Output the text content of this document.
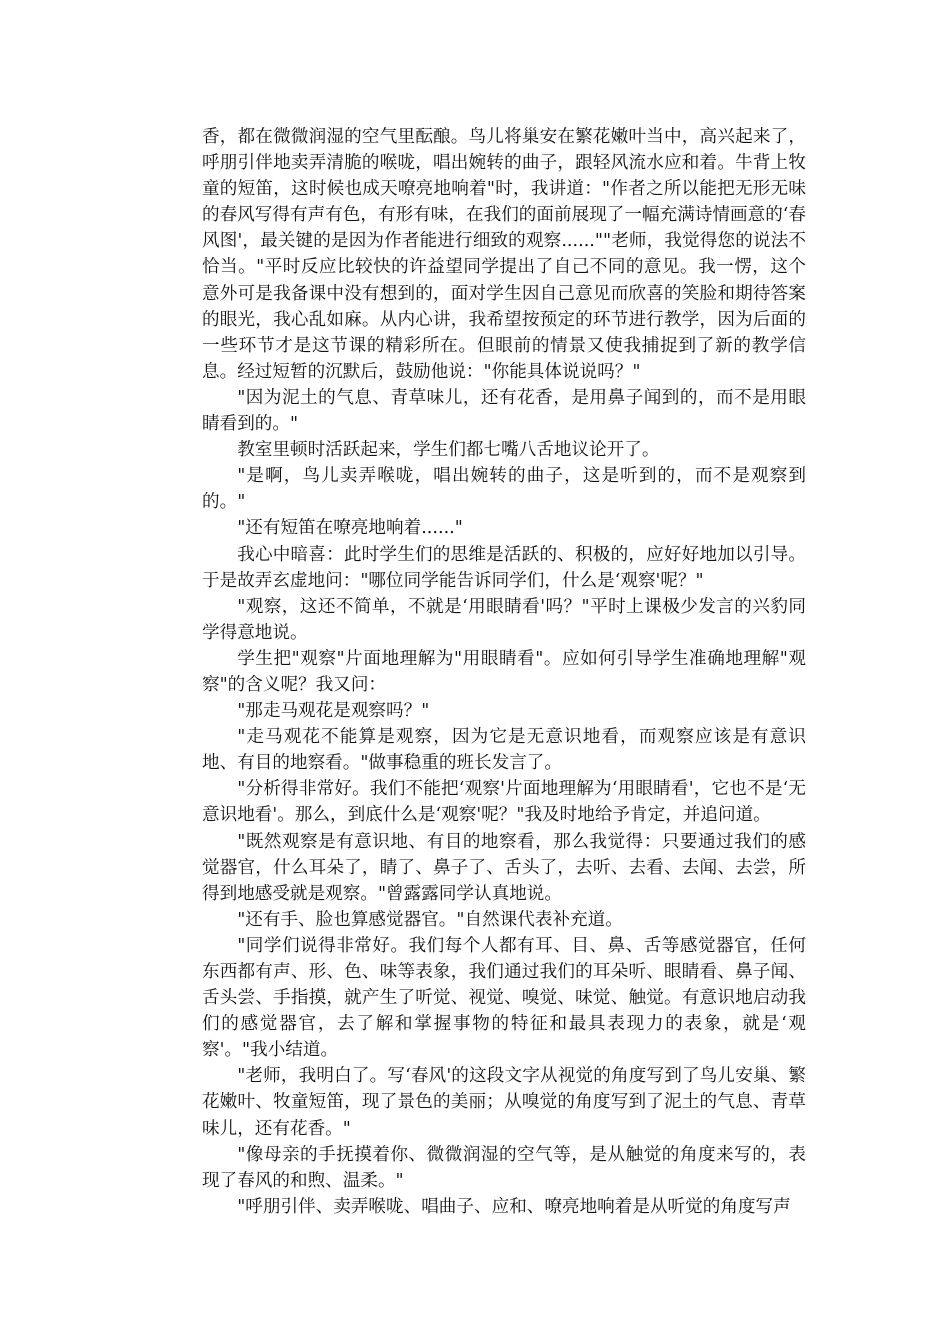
香，都在微微润湿的空气里酝酿。鸟儿将巢安在繁花嫩叶当中，高兴起来了，呼朋引伴地卖弄清脆的喉咙，唱出婉转的曲子，跟轻风流水应和着。牛背上牧童的短笛，这时候也成天嘹亮地响着"时，我讲道："作者之所以能把无形无味的春风写得有声有色，有形有味，在我们的面前展现了一幅充满诗情画意的‘春风图'，最关键的是因为作者能进行细致的观察......""老师，我觉得您的说法不恰当。"平时反应比较快的许益望同学提出了自己不同的意见。我一愣，这个意外可是我备课中没有想到的，面对学生因自己意见而欣喜的笑脸和期待答案的眼光，我心乱如麻。从内心讲，我希望按预定的环节进行教学，因为后面的一些环节才是这节课的精彩所在。但眼前的情景又使我捕捉到了新的教学信息。经过短暂的沉默后，鼓励他说："你能具体说说吗？"

"因为泥土的气息、青草味儿，还有花香，是用鼻子闻到的，而不是用眼睛看到的。"

教室里顿时活跃起来，学生们都七嘴八舌地议论开了。

"是啊，鸟儿卖弄喉咙，唱出婉转的曲子，这是听到的，而不是观察到的。"

"还有短笛在嘹亮地响着......"

我心中暗喜：此时学生们的思维是活跃的、积极的，应好好地加以引导。于是故弄玄虚地问："哪位同学能告诉同学们，什么是‘观察'呢？"

"观察，这还不简单，不就是‘用眼睛看'吗？"平时上课极少发言的兴豹同学得意地说。

学生把"观察"片面地理解为"用眼睛看"。应如何引导学生准确地理解"观察"的含义呢？我又问：

"那走马观花是观察吗？"

"走马观花不能算是观察，因为它是无意识地看，而观察应该是有意识地、有目的地察看。"做事稳重的班长发言了。

"分析得非常好。我们不能把‘观察'片面地理解为‘用眼睛看'，它也不是‘无意识地看'。那么，到底什么是‘观察'呢？"我及时地给予肯定，并追问道。

"既然观察是有意识地、有目的地察看，那么我觉得：只要通过我们的感觉器官，什么耳朵了，睛了、鼻子了、舌头了，去听、去看、去闻、去尝，所得到地感受就是观察。"曾露露同学认真地说。

"还有手、脸也算感觉器官。"自然课代表补充道。

"同学们说得非常好。我们每个人都有耳、目、鼻、舌等感觉器官，任何东西都有声、形、色、味等表象，我们通过我们的耳朵听、眼睛看、鼻子闻、舌头尝、手指摸，就产生了听觉、视觉、嗅觉、味觉、触觉。有意识地启动我们的感觉器官，去了解和掌握事物的特征和最具表现力的表象，就是‘观察'。"我小结道。

"老师，我明白了。写‘春风'的这段文字从视觉的角度写到了鸟儿安巢、繁花嫩叶、牧童短笛，现了景色的美丽；从嗅觉的角度写到了泥土的气息、青草味儿，还有花香。"

"像母亲的手抚摸着你、微微润湿的空气等，是从触觉的角度来写的，表现了春风的和煦、温柔。"

"呼朋引伴、卖弄喉咙、唱曲子、应和、嘹亮地响着是从听觉的角度写声
